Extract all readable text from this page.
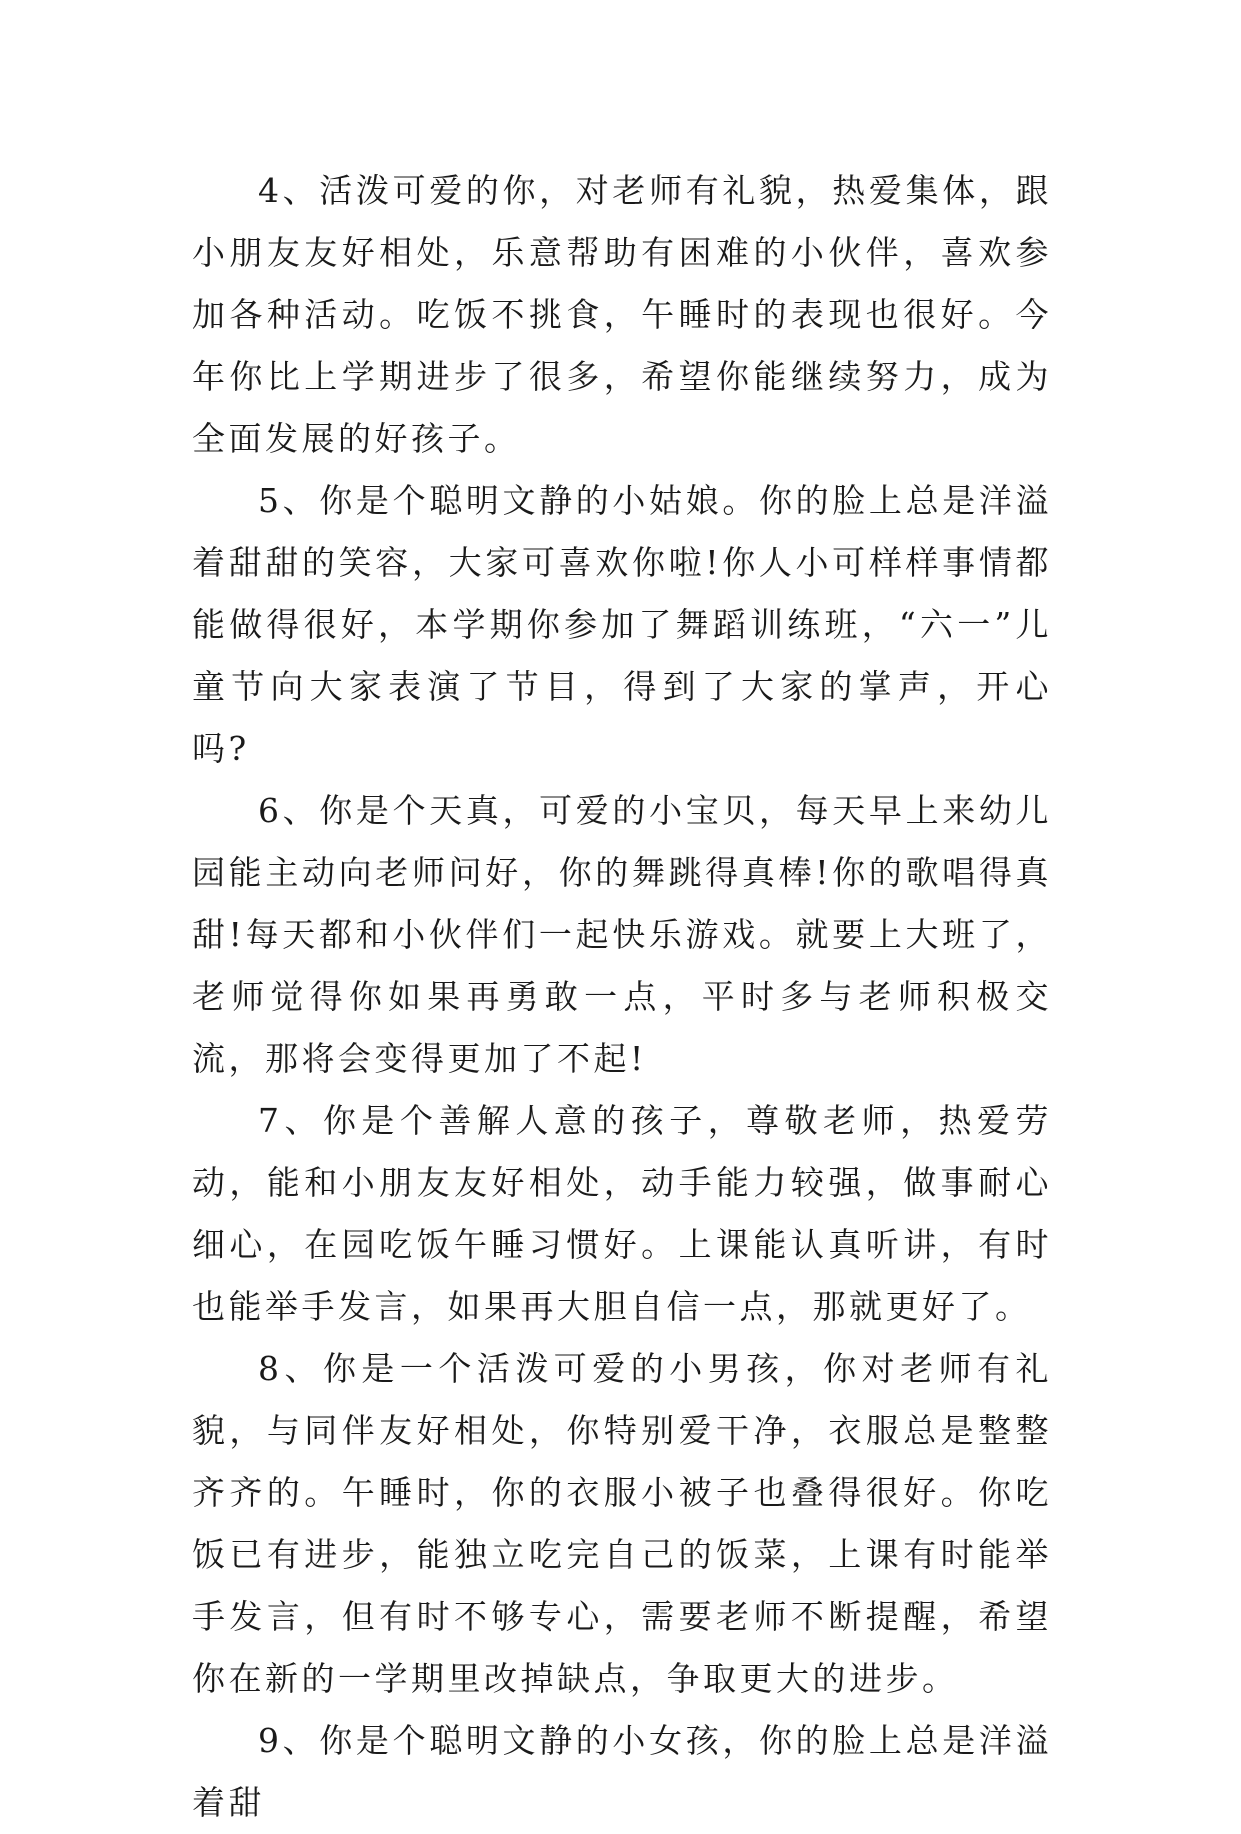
4、活泼可爱的你，对老师有礼貌，热爱集体，跟小朋友友好相处，乐意帮助有困难的小伙伴，喜欢参加各种活动。吃饭不挑食，午睡时的表现也很好。今年你比上学期进步了很多，希望你能继续努力，成为全面发展的好孩子。

5、你是个聪明文静的小姑娘。你的脸上总是洋溢着甜甜的笑容，大家可喜欢你啦!你人小可样样事情都能做得很好，本学期你参加了舞蹈训练班，“六一”儿童节向大家表演了节目，得到了大家的掌声，开心吗?

6、你是个天真，可爱的小宝贝，每天早上来幼儿园能主动向老师问好，你的舞跳得真棒!你的歌唱得真甜!每天都和小伙伴们一起快乐游戏。就要上大班了，老师觉得你如果再勇敢一点，平时多与老师积极交流，那将会变得更加了不起!

7、你是个善解人意的孩子，尊敬老师，热爱劳动，能和小朋友友好相处，动手能力较强，做事耐心细心，在园吃饭午睡习惯好。上课能认真听讲，有时也能举手发言，如果再大胆自信一点，那就更好了。

8、你是一个活泼可爱的小男孩，你对老师有礼貌，与同伴友好相处，你特别爱干净，衣服总是整整齐齐的。午睡时，你的衣服小被子也叠得很好。你吃饭已有进步，能独立吃完自己的饭菜，上课有时能举手发言，但有时不够专心，需要老师不断提醒，希望你在新的一学期里改掉缺点，争取更大的进步。

9、你是个聪明文静的小女孩，你的脸上总是洋溢着甜
